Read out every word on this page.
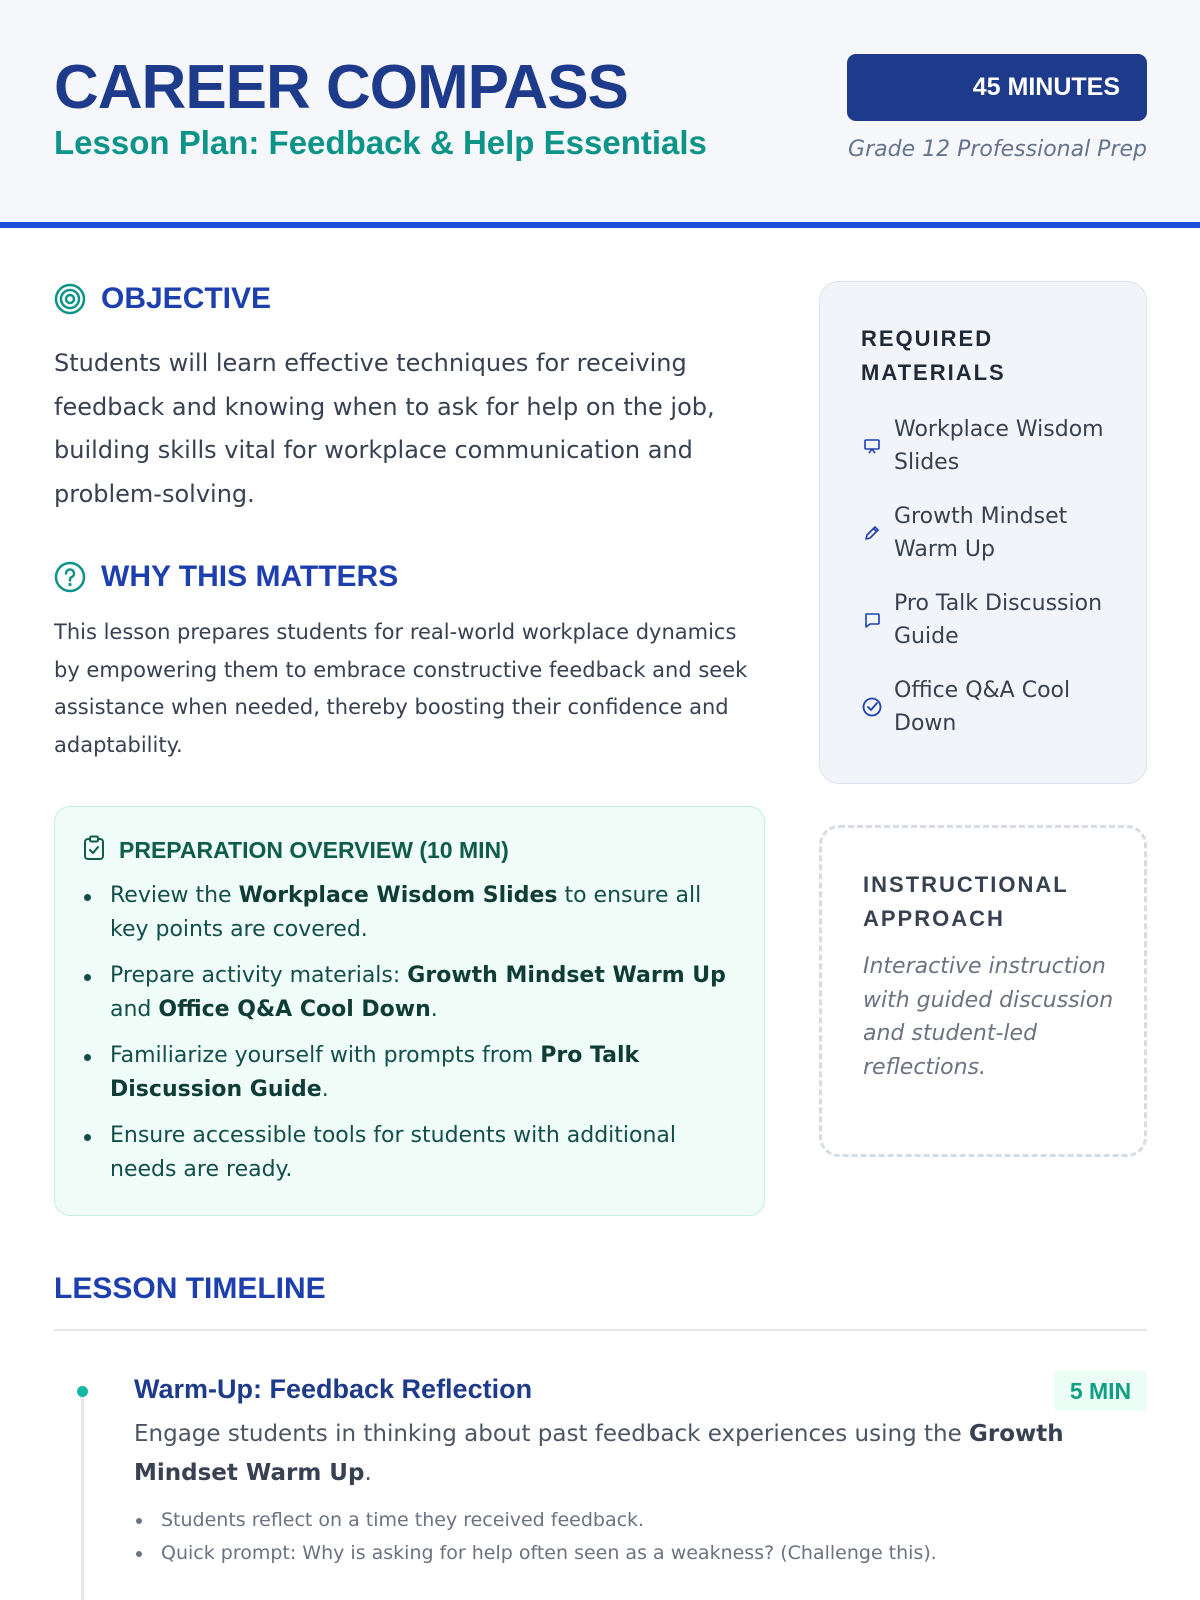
CAREER COMPASS
Lesson Plan: Feedback & Help Essentials
45 MINUTES
Grade 12 Professional Prep
OBJECTIVE
Students will learn effective techniques for receiving feedback and knowing when to ask for help on the job, building skills vital for workplace communication and problem-solving.
WHY THIS MATTERS
This lesson prepares students for real-world workplace dynamics by empowering them to embrace constructive feedback and seek assistance when needed, thereby boosting their confidence and adaptability.
PREPARATION OVERVIEW (10 MIN)
Review the Workplace Wisdom Slides to ensure all key points are covered.
Prepare activity materials: Growth Mindset Warm Up and Office Q&A Cool Down.
Familiarize yourself with prompts from Pro Talk Discussion Guide.
Ensure accessible tools for students with additional needs are ready.
REQUIRED MATERIALS
Workplace Wisdom Slides
Growth Mindset Warm Up
Pro Talk Discussion Guide
Office Q&A Cool Down
INSTRUCTIONAL APPROACH
Interactive instruction with guided discussion and student-led reflections.
LESSON TIMELINE
Warm-Up: Feedback Reflection	5 MIN
Engage students in thinking about past feedback experiences using the Growth Mindset Warm Up.
Students reflect on a time they received feedback.
Quick prompt: Why is asking for help often seen as a weakness? (Challenge this).
